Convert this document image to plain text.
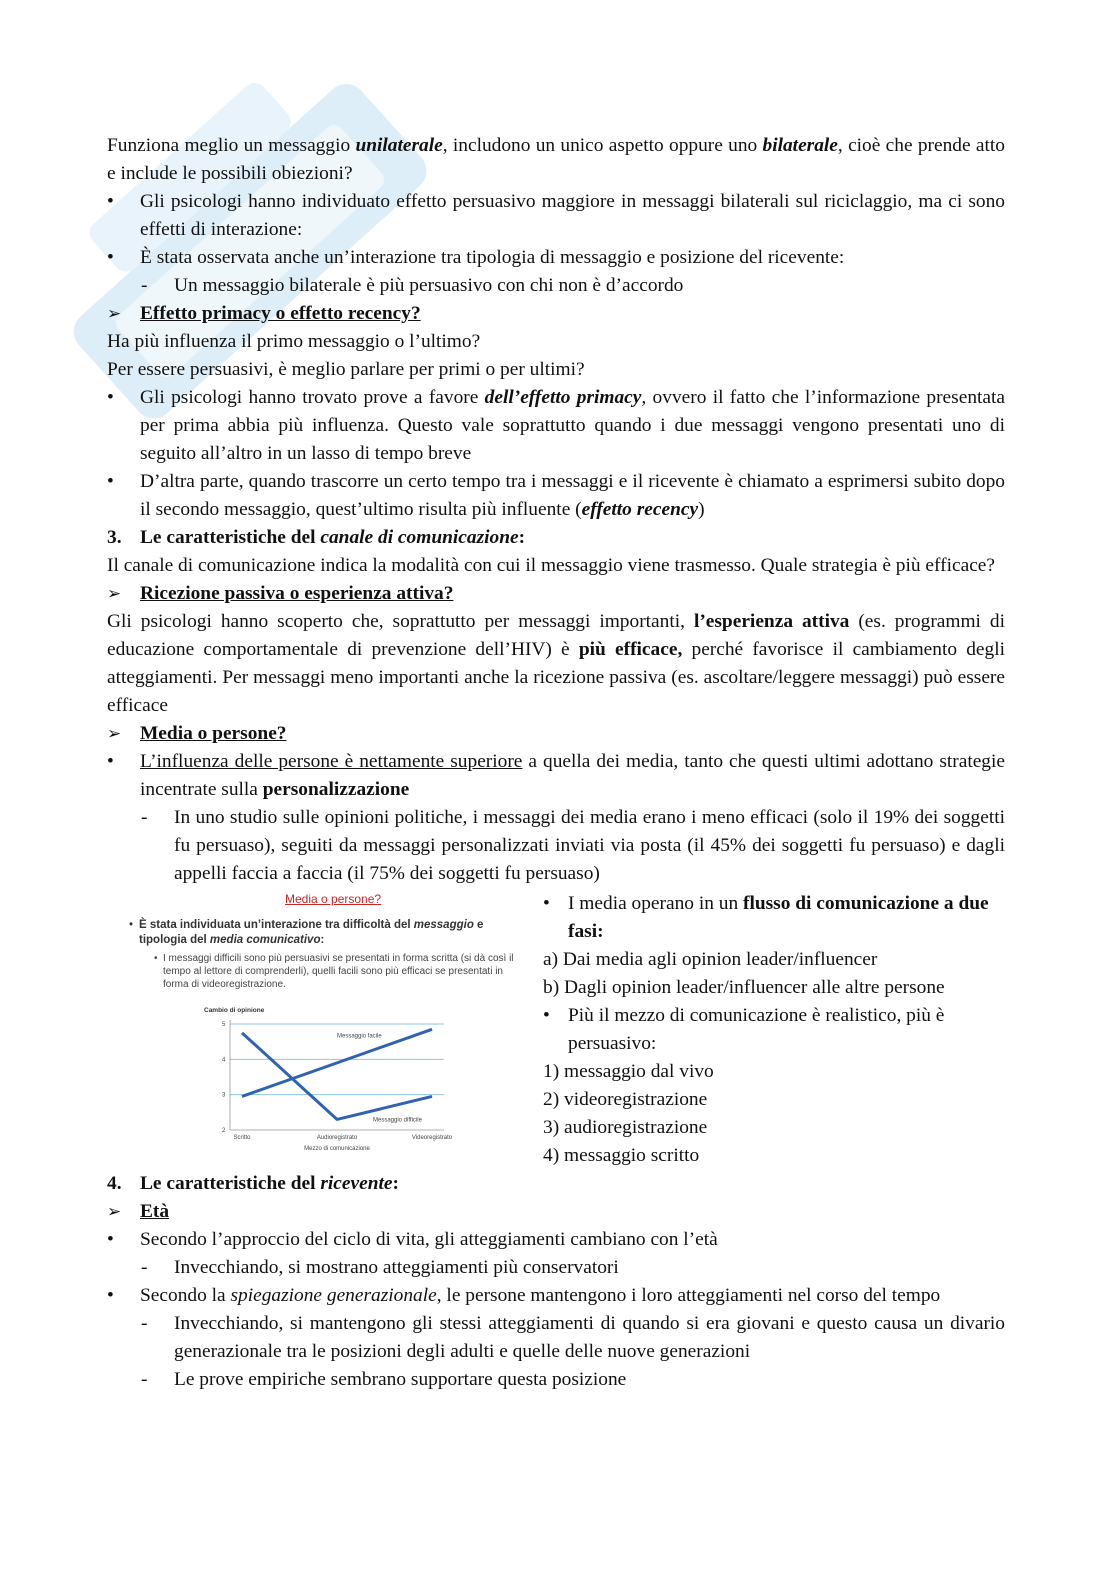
Funziona meglio un messaggio unilaterale, includono un unico aspetto oppure uno bilaterale, cioè che prende atto e include le possibili obiezioni?

• Gli psicologi hanno individuato effetto persuasivo maggiore in messaggi bilaterali sul riciclaggio, ma ci sono effetti di interazione:
• È stata osservata anche un’interazione tra tipologia di messaggio e posizione del ricevente:
- Un messaggio bilaterale è più persuasivo con chi non è d’accordo
➢ Effetto primacy o effetto recency?

Ha più influenza il primo messaggio o l’ultimo?

Per essere persuasivi, è meglio parlare per primi o per ultimi?

• Gli psicologi hanno trovato prove a favore dell’effetto primacy, ovvero il fatto che l’informazione presentata per prima abbia più influenza. Questo vale soprattutto quando i due messaggi vengono presentati uno di seguito all’altro in un lasso di tempo breve
• D’altra parte, quando trascorre un certo tempo tra i messaggi e il ricevente è chiamato a esprimersi subito dopo il secondo messaggio, quest’ultimo risulta più influente (effetto recency)
3. Le caratteristiche del canale di comunicazione:

Il canale di comunicazione indica la modalità con cui il messaggio viene trasmesso. Quale strategia è più efficace?

➢ Ricezione passiva o esperienza attiva?

Gli psicologi hanno scoperto che, soprattutto per messaggi importanti, l’esperienza attiva (es. programmi di educazione comportamentale di prevenzione dell’HIV) è più efficace, perché favorisce il cambiamento degli atteggiamenti. Per messaggi meno importanti anche la ricezione passiva (es. ascoltare/leggere messaggi) può essere efficace

➢ Media o persone?
• L’influenza delle persone è nettamente superiore a quella dei media, tanto che questi ultimi adottano strategie incentrate sulla personalizzazione
- In uno studio sulle opinioni politiche, i messaggi dei media erano i meno efficaci (solo il 19% dei soggetti fu persuaso), seguiti da messaggi personalizzati inviati via posta (il 45% dei soggetti fu persuaso) e dagli appelli faccia a faccia (il 75% dei soggetti fu persuaso)
Media o persone?
• È stata individuata un’interazione tra difficoltà del messaggio e tipologia del media comunicativo:
• I messaggi difficili sono più persuasivi se presentati in forma scritta (si dà così il tempo al lettore di comprenderli), quelli facili sono più efficaci se presentati in forma di videoregistrazione.
Cambio di opinione
2
3
4
5
Scritto	Audioregistrato	Videoregistrato
Mezzo di comunicazione
Messaggio facile
Messaggio difficile
• I media operano in un flusso di comunicazione a due fasi:

a) Dai media agli opinion leader/influencer

b) Dagli opinion leader/influencer alle altre persone

• Più il mezzo di comunicazione è realistico, più è persuasivo:

1) messaggio dal vivo

2) videoregistrazione

3) audioregistrazione

4) messaggio scritto

4. Le caratteristiche del ricevente:
➢ Età
• Secondo l’approccio del ciclo di vita, gli atteggiamenti cambiano con l’età
- Invecchiando, si mostrano atteggiamenti più conservatori
• Secondo la spiegazione generazionale, le persone mantengono i loro atteggiamenti nel corso del tempo
- Invecchiando, si mantengono gli stessi atteggiamenti di quando si era giovani e questo causa un divario generazionale tra le posizioni degli adulti e quelle delle nuove generazioni
- Le prove empiriche sembrano supportare questa posizione
